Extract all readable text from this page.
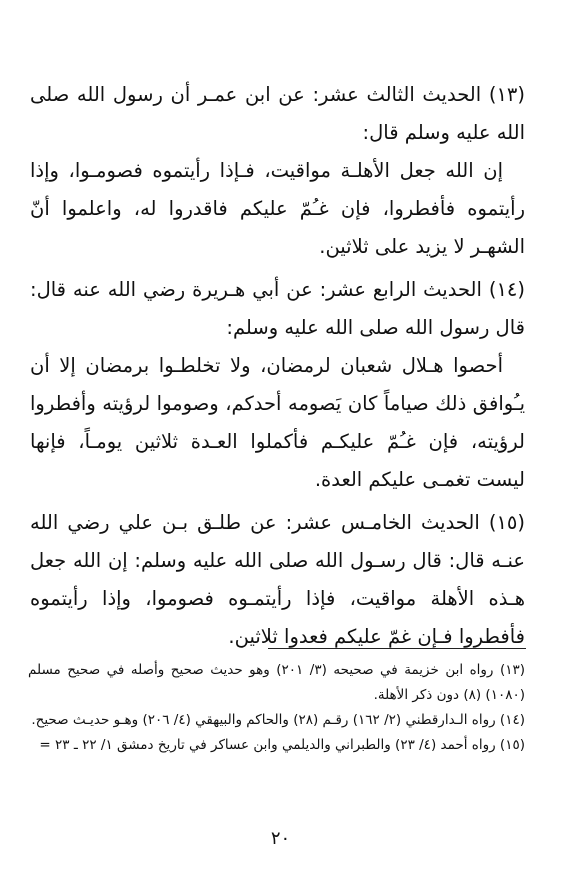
(١٣) الحديث الثالث عشر: عن ابن عمـر أن رسول الله صلى الله عليه وسلم قال:

إن الله جعل الأهلـة مواقيت، فـإذا رأيتموه فصومـوا، وإذا رأيتموه فأفطروا، فإن غـُمّ عليكم فاقدروا له، واعلموا أنّ الشهـر لا يزيد على ثلاثين.

(١٤) الحديث الرابع عشر: عن أبي هـريرة رضي الله عنه قال: قال رسول الله صلى الله عليه وسلم:

أحصوا هـلال شعبان لرمضان، ولا تخلطـوا برمضان إلا أن يـُوافق ذلك صياماً كان يَصومه أحدكم، وصوموا لرؤيته وأفطروا لرؤيته، فإن غـُمّ عليكـم فأكملوا العـدة ثلاثين يومـاً، فإنها ليست تغمـى عليكم العدة.

(١٥) الحديث الخامـس عشر: عن طلـق بـن علي رضي الله عنـه قال: قال رسـول الله صلى الله عليه وسلم: إن الله جعل هـذه الأهلة مواقيت، فإذا رأيتمـوه فصوموا، وإذا رأيتموه فأفطروا فـإن غمّ عليكم فعدوا ثلاثين.

(١٣) رواه ابن خزيمة في صحيحه (٣/ ٢٠١) وهو حديث صحيح وأصله في صحيح مسلم (١٠٨٠) (٨) دون ذكر الأهلة.

(١٤) رواه الـدارقطني (٢/ ١٦٢) رقـم (٢٨) والحاكم والبيهقي (٤/ ٢٠٦) وهـو حديـث صحيح.

(١٥) رواه أحمد (٤/ ٢٣) والطبراني والديلمي وابن عساكر في تاريخ دمشق ١/ ٢٢ ـ ٢٣ =

٢٠
